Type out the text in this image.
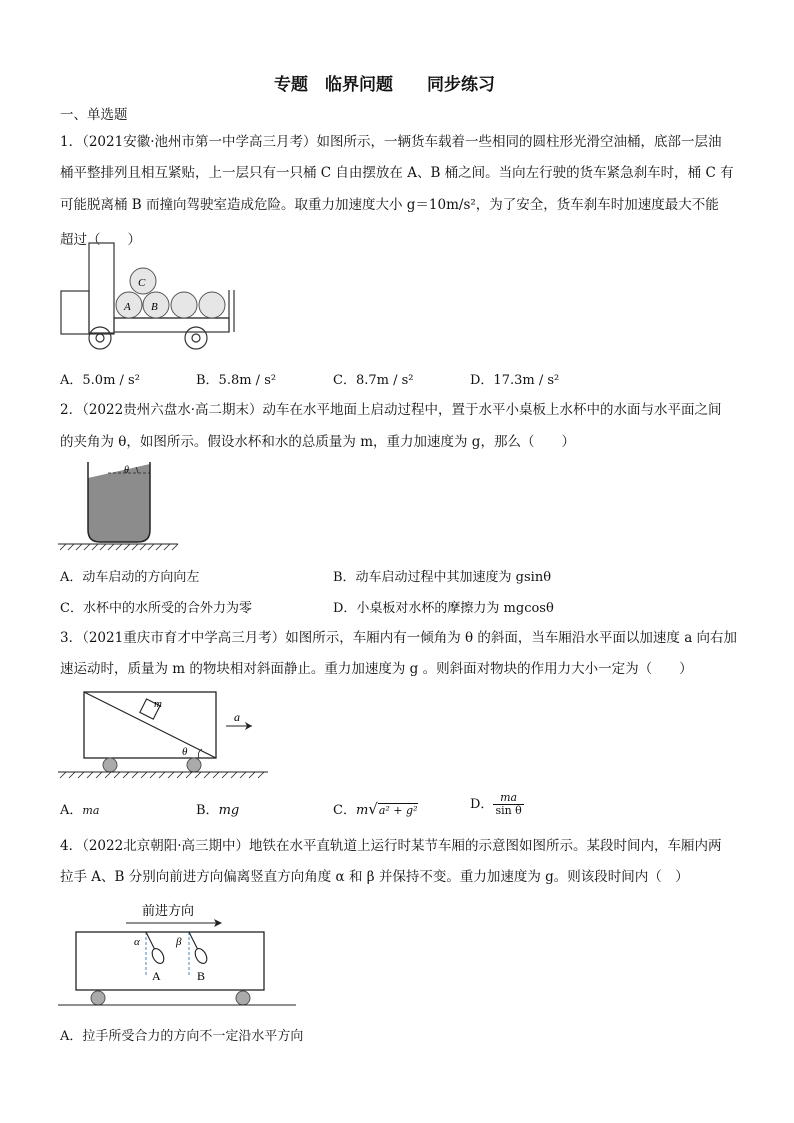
专题　临界问题　　同步练习
一、单选题
1．（2021安徽·池州市第一中学高三月考）如图所示，一辆货车载着一些相同的圆柱形光滑空油桶，底部一层油
桶平整排列且相互紧贴，上一层只有一只桶 C 自由摆放在 A、B 桶之间。当向左行驶的货车紧急刹车时，桶 C 有
可能脱离桶 B 而撞向驾驶室造成危险。取重力加速度大小 g＝10m/s²，为了安全，货车刹车时加速度最大不能
超过（　　）
A B
C
A．5.0m / s²	B．5.8m / s²	C．8.7m / s²	D．17.3m / s²
2．（2022贵州六盘水·高二期末）动车在水平地面上启动过程中，置于水平小桌板上水杯中的水面与水平面之间
的夹角为 θ，如图所示。假设水杯和水的总质量为 m，重力加速度为 g，那么（　　）
θ
A．动车启动的方向向左	B．动车启动过程中其加速度为 gsinθ
C．水杯中的水所受的合外力为零	D．小桌板对水杯的摩擦力为 mgcosθ
3．（2021重庆市育才中学高三月考）如图所示，车厢内有一倾角为 θ 的斜面，当车厢沿水平面以加速度 a 向右加
速运动时，质量为 m 的物块相对斜面静止。重力加速度为 g 。则斜面对物块的作用力大小一定为（　　）
m
θ
a
A．ma	B．mg	C．m√a² + g²	D． $\frac{ma}{\text{sin θ}}$
4．（2022北京朝阳·高三期中）地铁在水平直轨道上运行时某节车厢的示意图如图所示。某段时间内，车厢内两
拉手 A、B 分别向前进方向偏离竖直方向角度 α 和 β 并保持不变。重力加速度为 g。则该段时间内（　）
前进方向
α
A
β
B
A．拉手所受合力的方向不一定沿水平方向
